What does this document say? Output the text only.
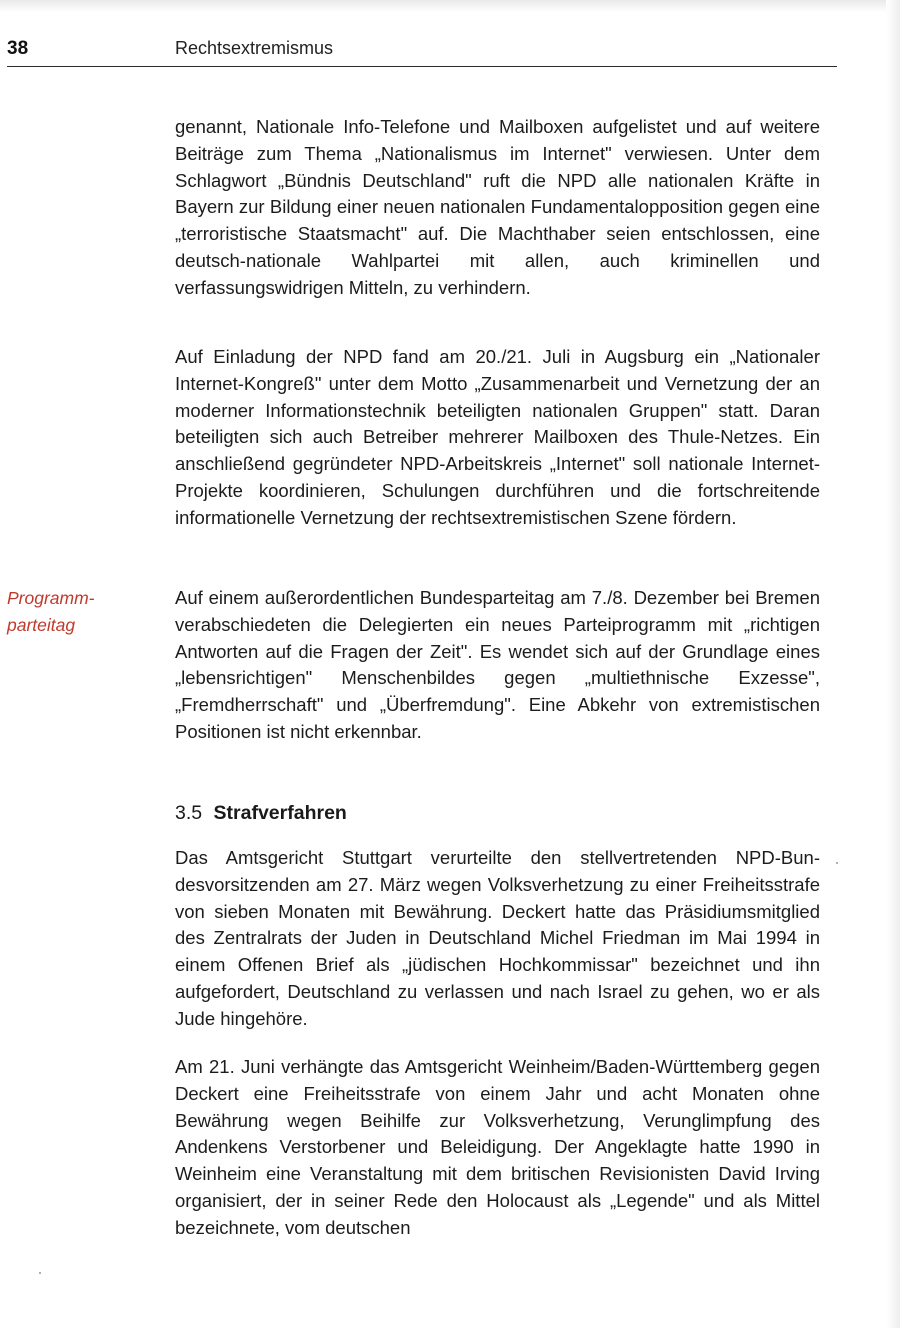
38	Rechtsextremismus

genannt, Nationale Info-Telefone und Mailboxen aufgelistet und auf weitere Beiträge zum Thema „Nationalismus im Internet" verwiesen. Unter dem Schlagwort „Bündnis Deutschland" ruft die NPD alle nationalen Kräfte in Bayern zur Bildung einer neuen nationalen Fundamentalopposition gegen eine „terroristische Staatsmacht" auf. Die Machthaber seien entschlossen, eine deutsch-nationale Wahlpartei mit allen, auch kriminellen und verfassungswidrigen Mitteln, zu verhindern.

Auf Einladung der NPD fand am 20./21. Juli in Augsburg ein „Nationaler Internet-Kongreß" unter dem Motto „Zusammenarbeit und Vernetzung der an moderner Informationstechnik beteiligten nationalen Gruppen" statt. Daran beteiligten sich auch Betreiber mehrerer Mailboxen des Thule-Netzes. Ein anschließend gegründeter NPD-Arbeitskreis „Internet" soll nationale Internet-Projekte koordinieren, Schulungen durchführen und die fortschreitende informationelle Vernetzung der rechtsextremistischen Szene fördern.

Programm-
parteitag

Auf einem außerordentlichen Bundesparteitag am 7./8. Dezember bei Bremen verabschiedeten die Delegierten ein neues Parteiprogramm mit „richtigen Antworten auf die Fragen der Zeit". Es wendet sich auf der Grundlage eines „lebensrichtigen" Menschenbildes gegen „multiethnische Exzesse", „Fremdherrschaft" und „Überfremdung". Eine Abkehr von extremistischen Positionen ist nicht erkennbar.

3.5 Strafverfahren

Das Amtsgericht Stuttgart verurteilte den stellvertretenden NPD-Bundesvorsitzenden am 27. März wegen Volksverhetzung zu einer Freiheitsstrafe von sieben Monaten mit Bewährung. Deckert hatte das Präsidiumsmitglied des Zentralrats der Juden in Deutschland Michel Friedman im Mai 1994 in einem Offenen Brief als „jüdischen Hochkommissar" bezeichnet und ihn aufgefordert, Deutschland zu verlassen und nach Israel zu gehen, wo er als Jude hingehöre.

Am 21. Juni verhängte das Amtsgericht Weinheim/Baden-Württemberg gegen Deckert eine Freiheitsstrafe von einem Jahr und acht Monaten ohne Bewährung wegen Beihilfe zur Volksverhetzung, Verunglimpfung des Andenkens Verstorbener und Beleidigung. Der Angeklagte hatte 1990 in Weinheim eine Veranstaltung mit dem britischen Revisionisten David Irving organisiert, der in seiner Rede den Holocaust als „Legende" und als Mittel bezeichnete, vom deutschen
